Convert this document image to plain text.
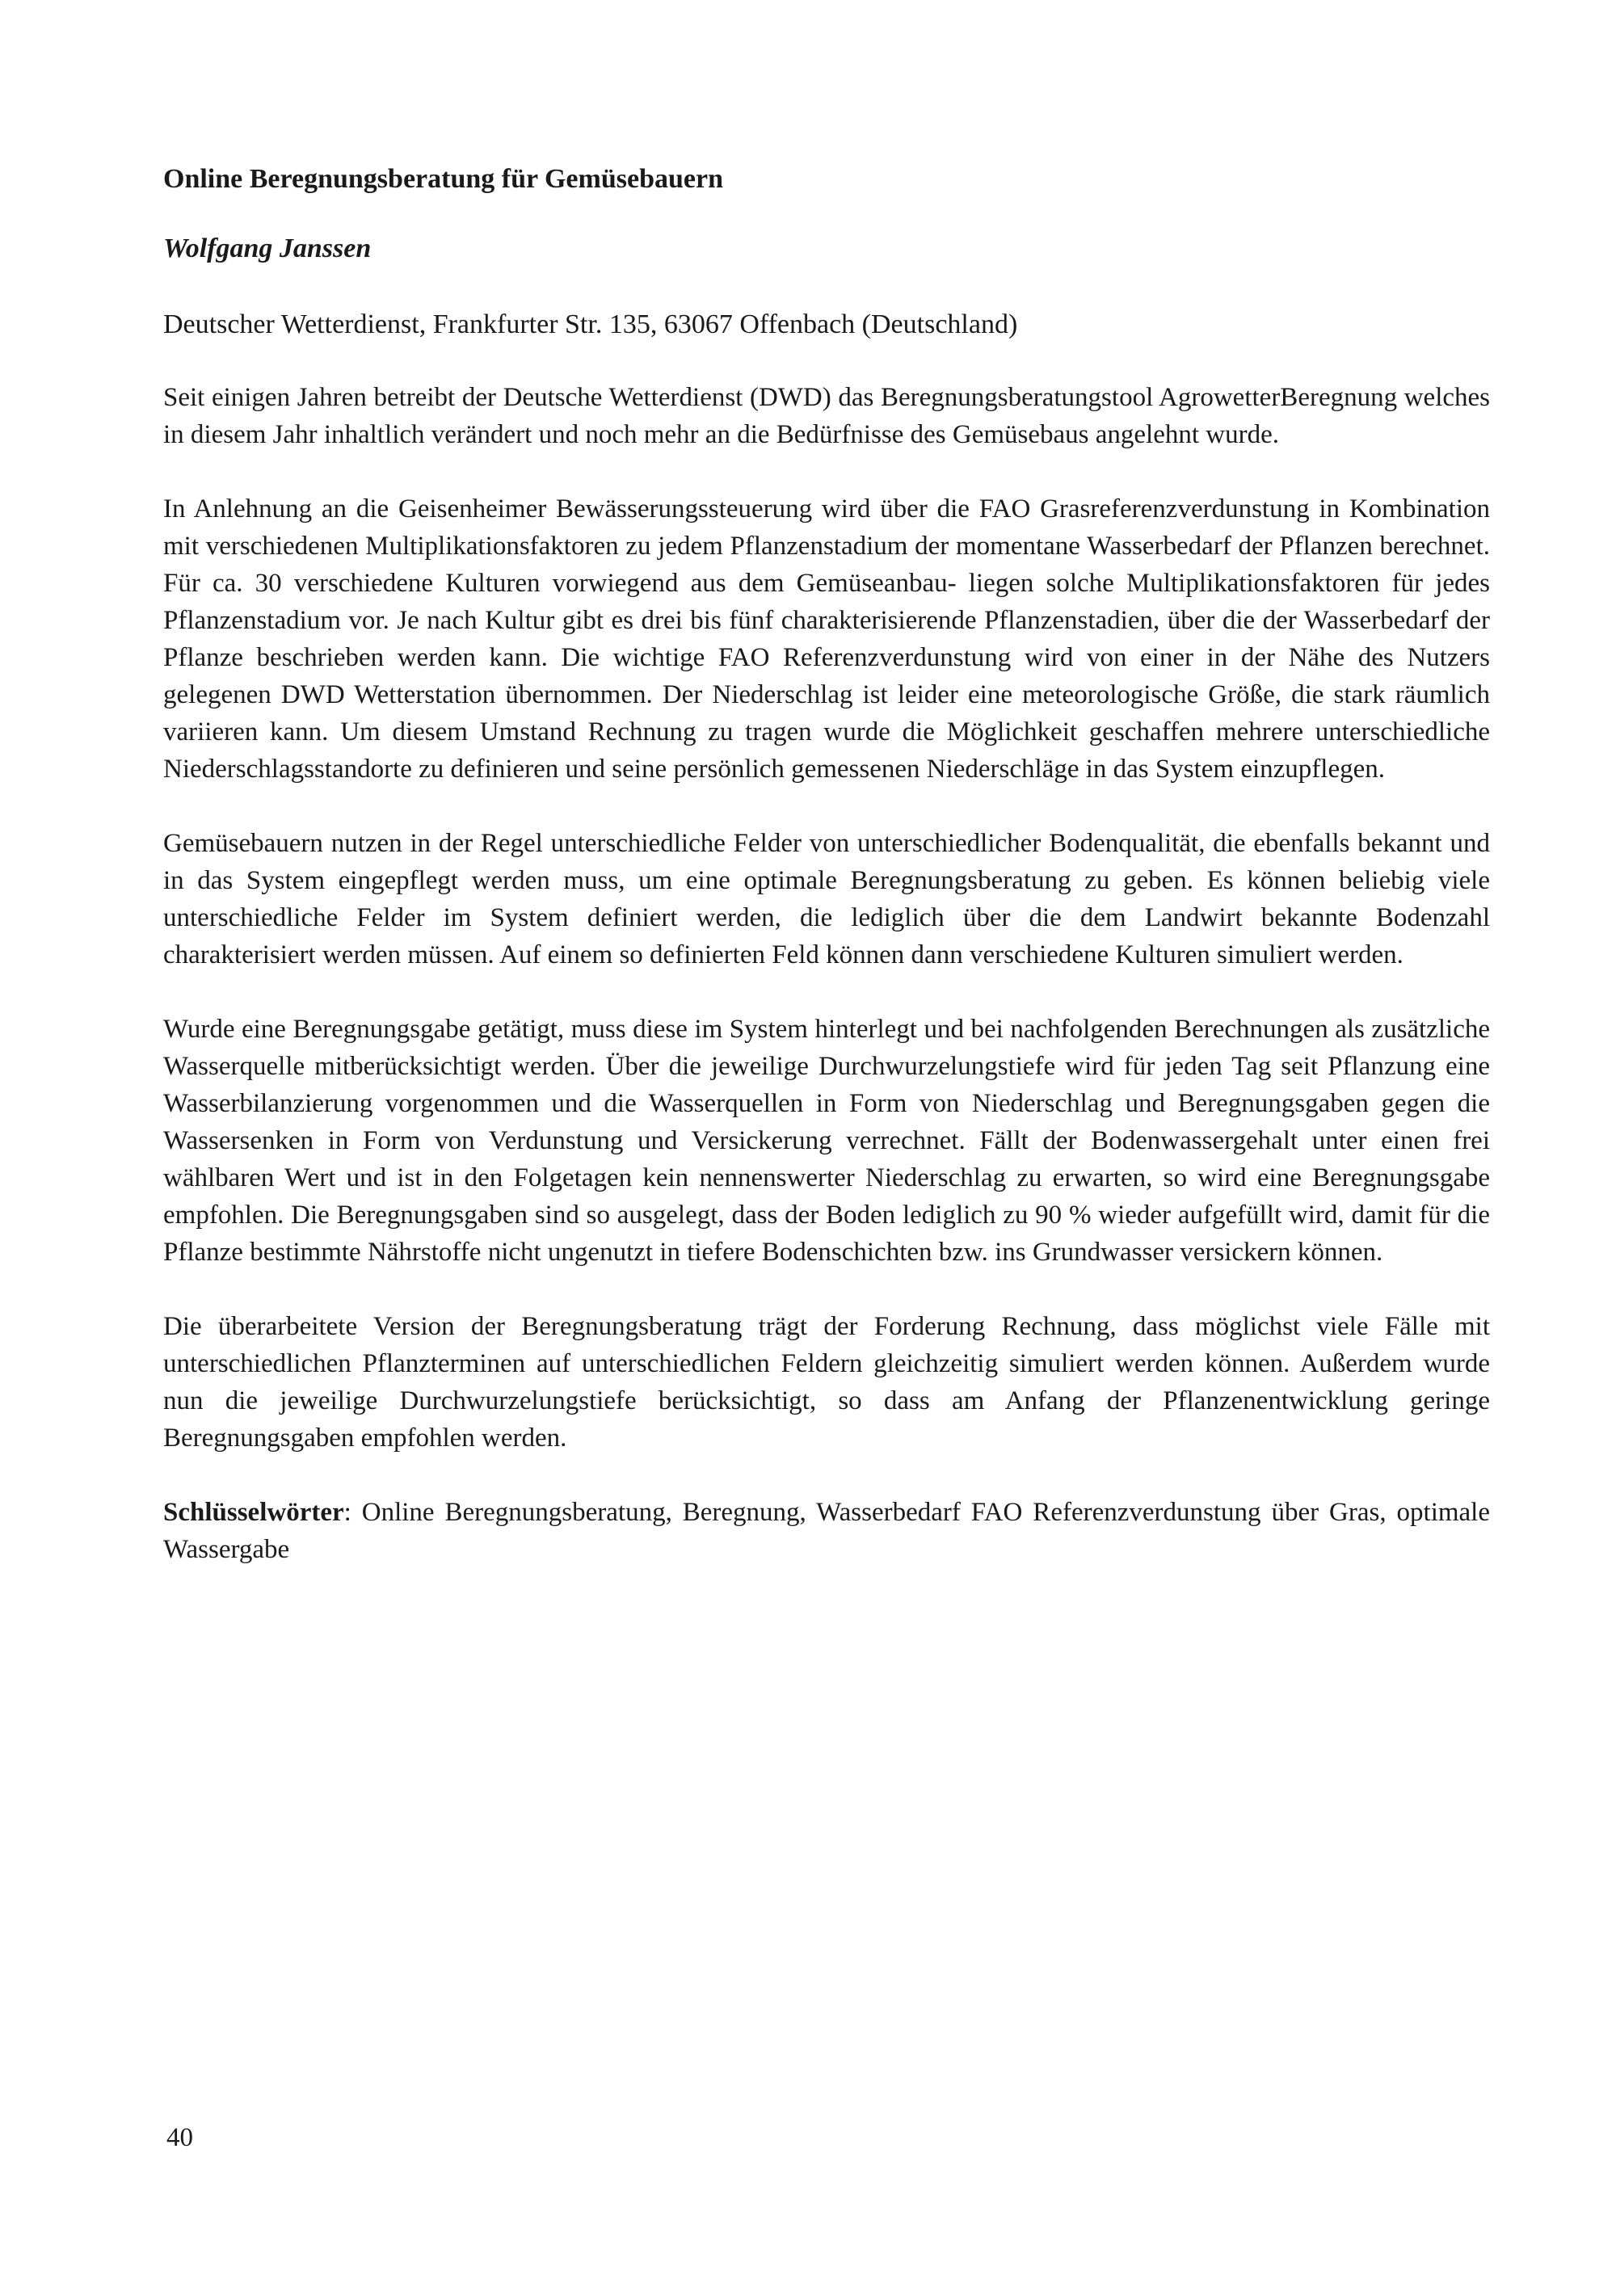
Online Beregnungsberatung für Gemüsebauern
Wolfgang Janssen
Deutscher Wetterdienst, Frankfurter Str. 135, 63067 Offenbach (Deutschland)

Seit einigen Jahren betreibt der Deutsche Wetterdienst (DWD) das Beregnungsberatungstool AgrowetterBeregnung welches in diesem Jahr inhaltlich verändert und noch mehr an die Bedürfnisse des Gemüsebaus angelehnt wurde.

In Anlehnung an die Geisenheimer Bewässerungssteuerung wird über die FAO Grasreferenzverdunstung in Kombination mit verschiedenen Multiplikationsfaktoren zu jedem Pflanzenstadium der momentane Wasserbedarf der Pflanzen berechnet. Für ca. 30 verschiedene Kulturen vorwiegend aus dem Gemüseanbau- liegen solche Multiplikationsfaktoren für jedes Pflanzenstadium vor. Je nach Kultur gibt es drei bis fünf charakterisierende Pflanzenstadien, über die der Wasserbedarf der Pflanze beschrieben werden kann. Die wichtige FAO Referenzverdunstung wird von einer in der Nähe des Nutzers gelegenen DWD Wetterstation übernommen. Der Niederschlag ist leider eine meteorologische Größe, die stark räumlich variieren kann. Um diesem Umstand Rechnung zu tragen wurde die Möglichkeit geschaffen mehrere unterschiedliche Niederschlagsstandorte zu definieren und seine persönlich gemessenen Niederschläge in das System einzupflegen.

Gemüsebauern nutzen in der Regel unterschiedliche Felder von unterschiedlicher Bodenqualität, die ebenfalls bekannt und in das System eingepflegt werden muss, um eine optimale Beregnungsberatung zu geben. Es können beliebig viele unterschiedliche Felder im System definiert werden, die lediglich über die dem Landwirt bekannte Bodenzahl charakterisiert werden müssen. Auf einem so definierten Feld können dann verschiedene Kulturen simuliert werden.

Wurde eine Beregnungsgabe getätigt, muss diese im System hinterlegt und bei nachfolgenden Berechnungen als zusätzliche Wasserquelle mitberücksichtigt werden. Über die jeweilige Durchwurzelungstiefe wird für jeden Tag seit Pflanzung eine Wasserbilanzierung vorgenommen und die Wasserquellen in Form von Niederschlag und Beregnungsgaben gegen die Wassersenken in Form von Verdunstung und Versickerung verrechnet. Fällt der Bodenwassergehalt unter einen frei wählbaren Wert und ist in den Folgetagen kein nennenswerter Niederschlag zu erwarten, so wird eine Beregnungsgabe empfohlen. Die Beregnungsgaben sind so ausgelegt, dass der Boden lediglich zu 90 % wieder aufgefüllt wird, damit für die Pflanze bestimmte Nährstoffe nicht ungenutzt in tiefere Bodenschichten bzw. ins Grundwasser versickern können.

Die überarbeitete Version der Beregnungsberatung trägt der Forderung Rechnung, dass möglichst viele Fälle mit unterschiedlichen Pflanzterminen auf unterschiedlichen Feldern gleichzeitig simuliert werden können. Außerdem wurde nun die jeweilige Durchwurzelungstiefe berücksichtigt, so dass am Anfang der Pflanzenentwicklung geringe Beregnungsgaben empfohlen werden.

Schlüsselwörter: Online Beregnungsberatung, Beregnung, Wasserbedarf FAO Referenzverdunstung über Gras, optimale Wassergabe

40
